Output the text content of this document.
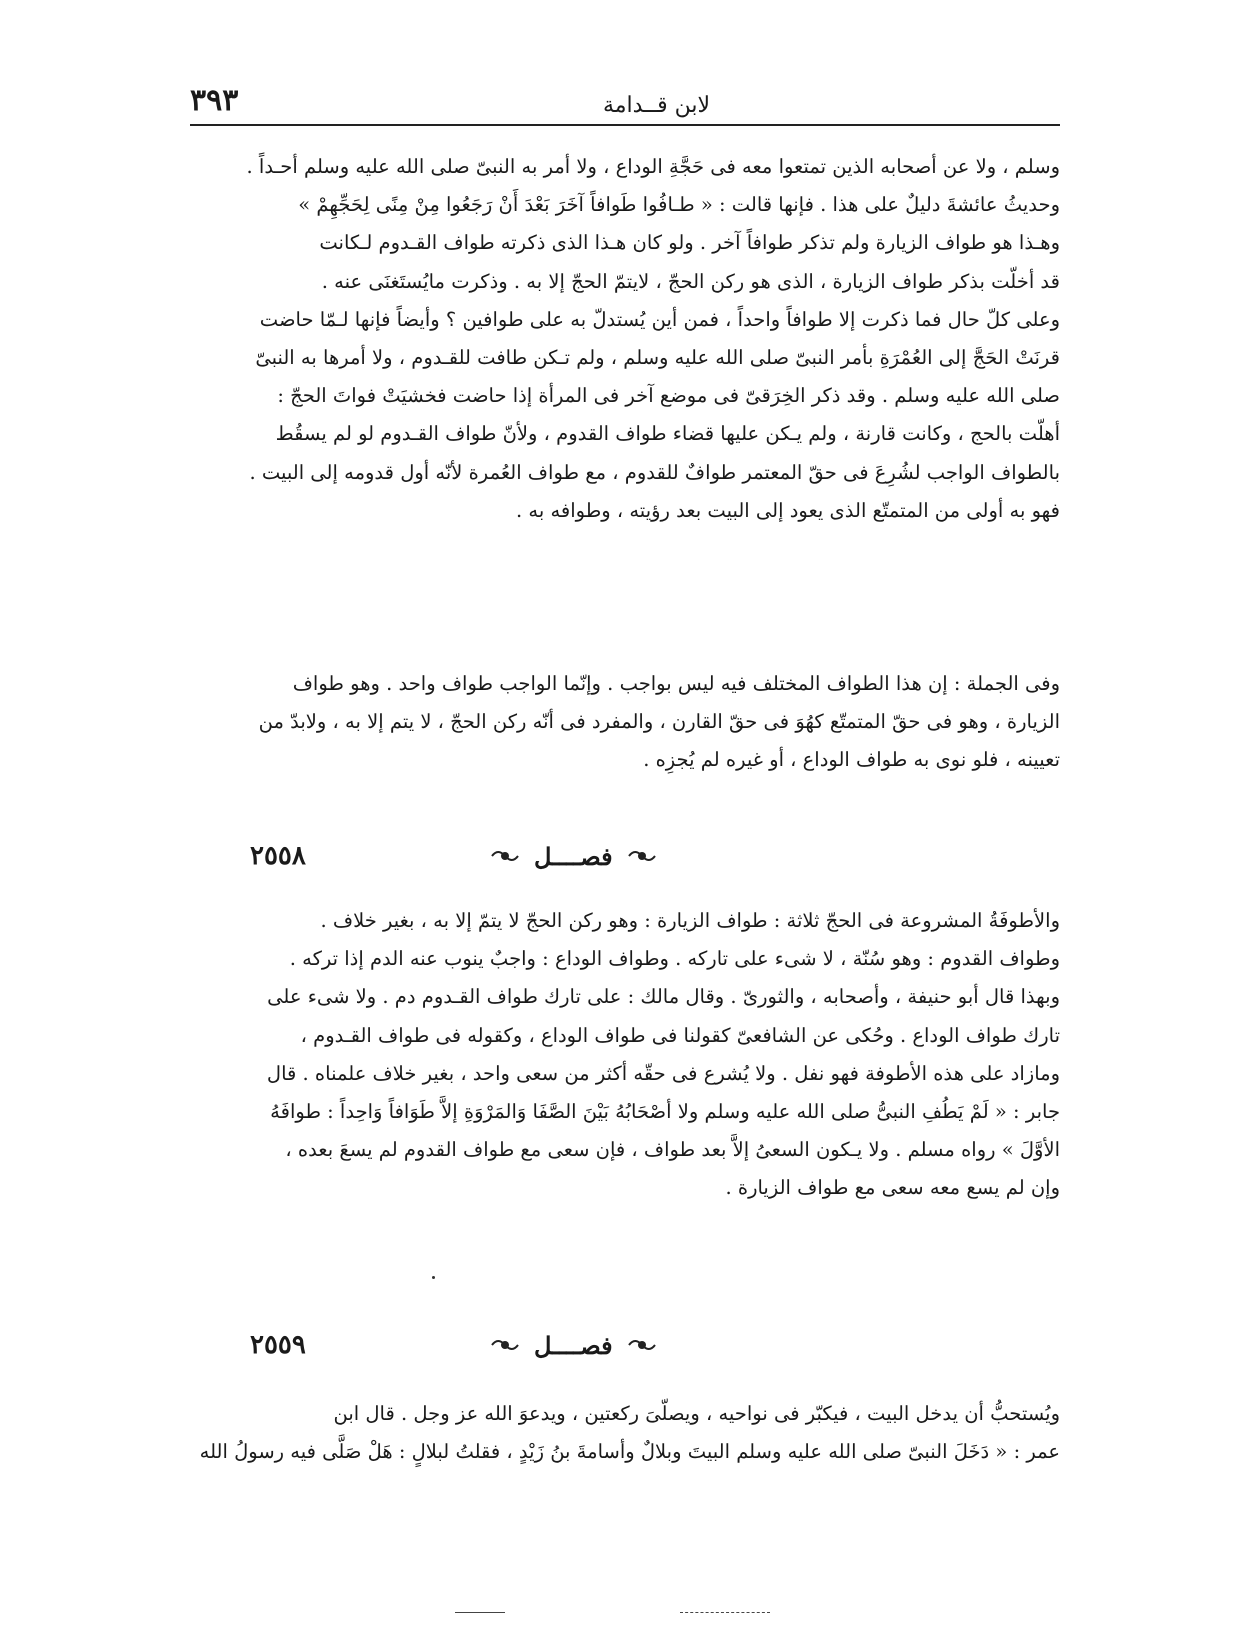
٣٩٣	لابن قــدامة

وسلم ، ولا عن أصحابه الذين تمتعوا معه فى حَجَّةِ الوداع ، ولا أمر به النبىّ صلى الله عليه وسلم أحـداً .

وحديثُ عائشةَ دليلٌ على هذا . فإنها قالت : « طـافُوا طَوافاً آخَرَ بَعْدَ أَنْ رَجَعُوا مِنْ مِنًى لِحَجِّهِمْ »

وهـذا هو طواف الزيارة ولم تذكر طوافاً آخر . ولو كان هـذا الذى ذكرته طواف القـدوم لـكانت

قد أخلّت بذكر طواف الزيارة ، الذى هو ركن الحجّ ، لايتمّ الحجّ إلا به . وذكرت مايُستَغنَى عنه .

وعلى كلّ حال فما ذكرت إلا طوافاً واحداً ، فمن أين يُستدلّ به على طوافين ؟ وأيضاً فإنها لـمّا حاضت

قرنَتْ الحَجَّ إلى العُمْرَةِ بأمر النبىّ صلى الله عليه وسلم ، ولم تـكن طافت للقـدوم ، ولا أمرها به النبىّ

صلى الله عليه وسلم . وقد ذكر الخِرَقىّ فى موضع آخر فى المرأة إذا حاضت فخشيَتْ فواتَ الحجّ :

أهلّت بالحج ، وكانت قارنة ، ولم يـكن عليها قضاء طواف القدوم ، ولأنّ طواف القـدوم لو لم يسقُط

بالطواف الواجب لشُرِعَ فى حقّ المعتمر طوافٌ للقدوم ، مع طواف العُمرة لأنّه أول قدومه إلى البيت .

فهو به أولى من المتمتّع الذى يعود إلى البيت بعد رؤيته ، وطوافه به .

وفى الجملة : إن هذا الطواف المختلف فيه ليس بواجب . وإنّما الواجب طواف واحد . وهو طواف

الزيارة ، وهو فى حقّ المتمتّع كهُوَ فى حقّ القارن ، والمفرد فى أنّه ركن الحجّ ، لا يتم إلا به ، ولابدّ من

تعيينه ، فلو نوى به طواف الوداع ، أو غيره لم يُجزِه .

٢٥٥٨	فصــــل

والأطوفَةُ المشروعة فى الحجّ ثلاثة : طواف الزيارة : وهو ركن الحجّ لا يتمّ إلا به ، بغير خلاف .

وطواف القدوم : وهو سُنّة ، لا شىء على تاركه . وطواف الوداع : واجبٌ ينوب عنه الدم إذا تركه .

وبهذا قال أبو حنيفة ، وأصحابه ، والثورىّ . وقال مالك : على تارك طواف القـدوم دم . ولا شىء على

تارك طواف الوداع . وحُكى عن الشافعىّ كقولنا فى طواف الوداع ، وكقوله فى طواف القـدوم ،

ومازاد على هذه الأطوفة فهو نفل . ولا يُشرع فى حقّه أكثر من سعى واحد ، بغير خلاف علمناه . قال

جابر : « لَمْ يَطُفِ النبىُّ صلى الله عليه وسلم ولا أصْحَابُهُ بَيْنَ الصَّفَا وَالمَرْوَةِ إلاَّ طَوَافاً وَاحِداً : طوافَهُ

الأوَّلَ » رواه مسلم . ولا يـكون السعىُ إلاَّ بعد طواف ، فإن سعى مع طواف القدوم لم يسعَ بعده ،

وإن لم يسع معه سعى مع طواف الزيارة .

٢٥٥٩	فصــــل

ويُستحبُّ أن يدخل البيت ، فيكبّر فى نواحيه ، ويصلّىَ ركعتين ، ويدعوَ الله عز وجل . قال ابن

عمر : « دَخَلَ النبىّ صلى الله عليه وسلم البيتَ وبلالٌ وأسامةَ بنُ زَيْدٍ ، فقلتُ لبلالٍ : هَلْ صَلَّى فيه رسولُ الله
